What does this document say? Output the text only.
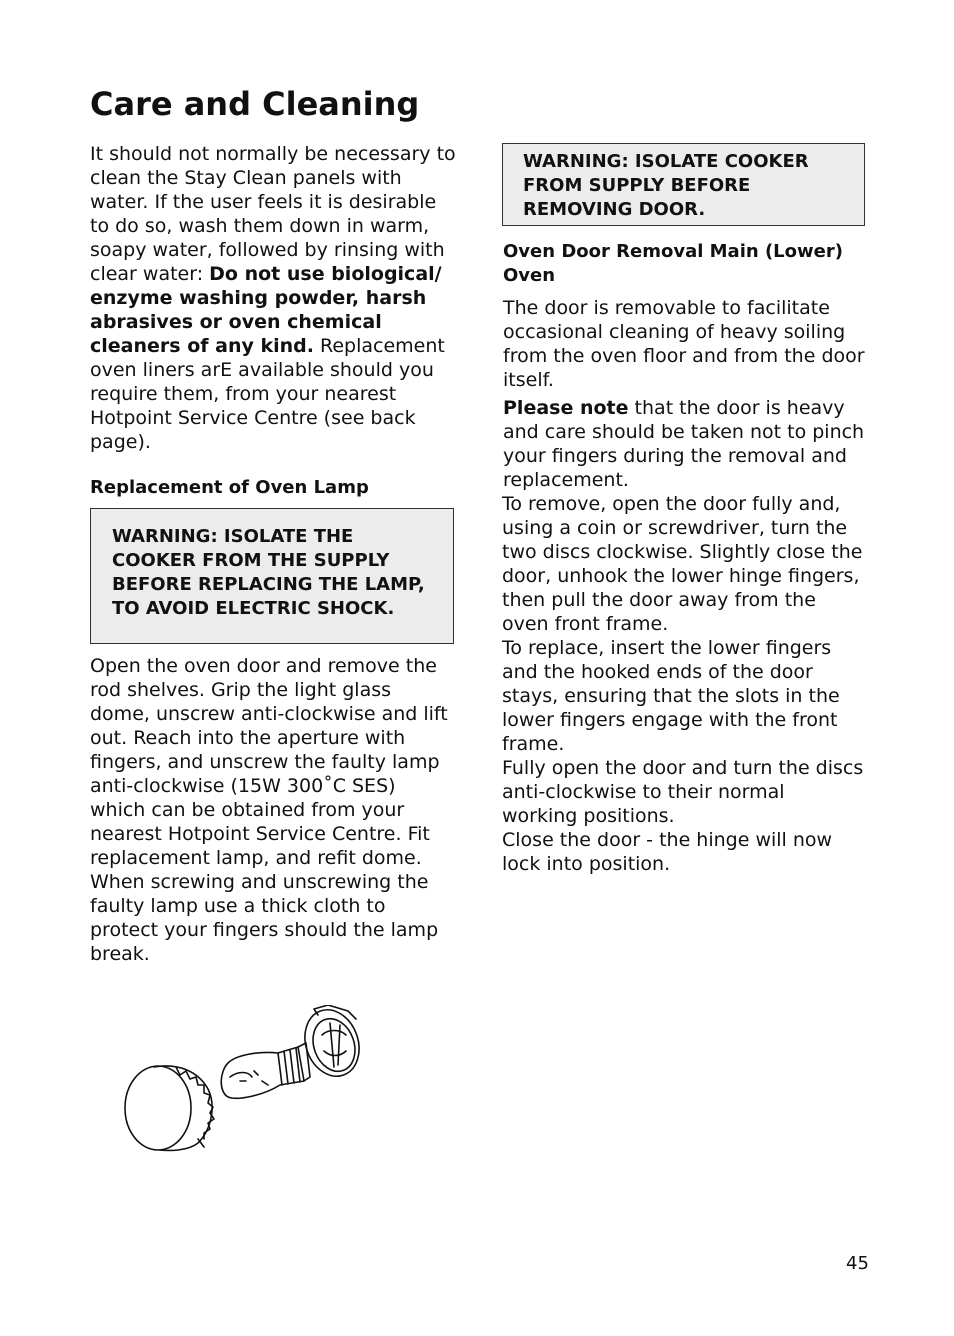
Care and Cleaning

It should not normally be necessary to clean the Stay Clean panels with water. If the user feels it is desirable to do so, wash them down in warm, soapy water, followed by rinsing with clear water: Do not use biological/ enzyme washing powder, harsh abrasives or oven chemical cleaners of any kind. Replacement oven liners arE available should you require them, from your nearest Hotpoint Service Centre (see back page).

Replacement of Oven Lamp
WARNING: ISOLATE THE COOKER FROM THE SUPPLY BEFORE REPLACING THE LAMP, TO AVOID ELECTRIC SHOCK.

Open the oven door and remove the rod shelves. Grip the light glass dome, unscrew anti-clockwise and lift out. Reach into the aperture with fingers, and unscrew the faulty lamp anti-clockwise (15W 300˚C SES) which can be obtained from your nearest Hotpoint Service Centre. Fit replacement lamp, and refit dome. When screwing and unscrewing the faulty lamp use a thick cloth to protect your fingers should the lamp break.

WARNING: ISOLATE COOKER FROM SUPPLY BEFORE REMOVING DOOR.
Oven Door Removal Main (Lower) Oven

The door is removable to facilitate occasional cleaning of heavy soiling from the oven floor and from the door itself.

Please note that the door is heavy and care should be taken not to pinch your fingers during the removal and replacement.

To remove, open the door fully and, using a coin or screwdriver, turn the two discs clockwise. Slightly close the door, unhook the lower hinge fingers, then pull the door away from the oven front frame.

To replace, insert the lower fingers and the hooked ends of the door stays, ensuring that the slots in the lower fingers engage with the front frame.

Fully open the door and turn the discs anti-clockwise to their normal working positions.

Close the door - the hinge will now lock into position.

45
